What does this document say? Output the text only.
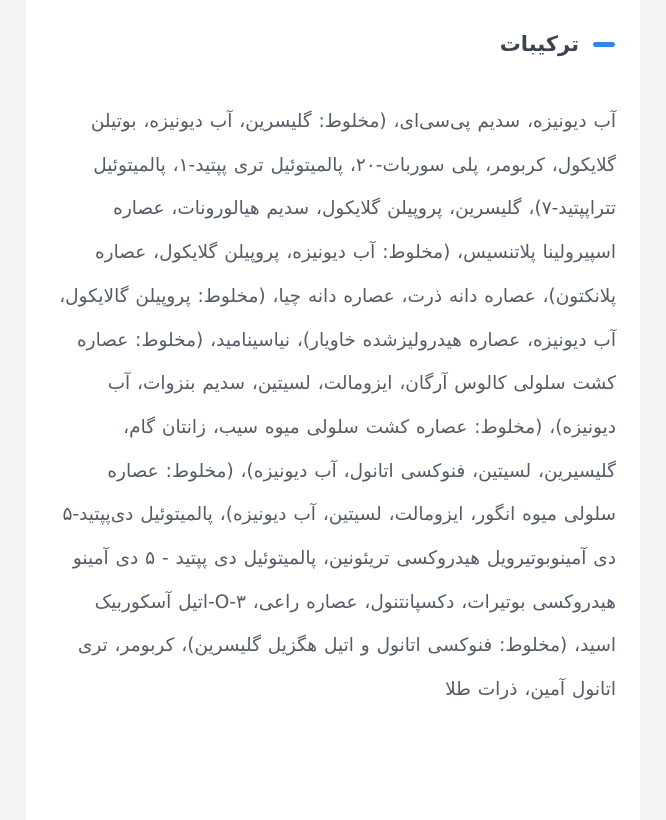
ترکیبات

آب دیونیزه، سدیم پی‌سی‌ای، (مخلوط: گلیسرین، آب دیونیزه، بوتیلن گلایکول، کربومر، پلی سوربات-۲۰، پالمیتوئیل تری پپتید-۱، پالمیتوئیل تتراپپتید-۷)، گلیسرین، پروپیلن گلایکول، سدیم هیالورونات، عصاره اسپیرولینا پلاتنسیس، (مخلوط: آب دیونیزه، پروپیلن گلایکول، عصاره پلانکتون)، عصاره دانه ذرت، عصاره دانه چیا، (مخلوط: پروپیلن گالایکول، آب دیونیزه، عصاره هیدرولیزشده خاویار)، نیاسینامید، (مخلوط: عصاره کشت سلولی کالوس آرگان، ایزومالت، لسیتین، سدیم بنزوات، آب دیونیزه)، (مخلوط: عصاره کشت سلولی میوه سیب، زانتان گام، گلیسیرین، لسیتین، فنوکسی اتانول، آب دیونیزه)، (مخلوط: عصاره سلولی میوه انگور، ایزومالت، لسیتین، آب دیونیزه)، پالمیتوئیل دی‌پپتید-۵ دی آمینوبوتیرویل هیدروکسی تریئونین، پالمیتوئیل دی پپتید - ۵ دی آمینو هیدروکسی بوتیرات، دکسپانتنول، عصاره راعی، ۳-O-اتیل آسکوربیک اسید، (مخلوط: فنوکسی اتانول و اتیل هگزیل گلیسرین)، کربومر، تری اتانول آمین، ذرات طلا
